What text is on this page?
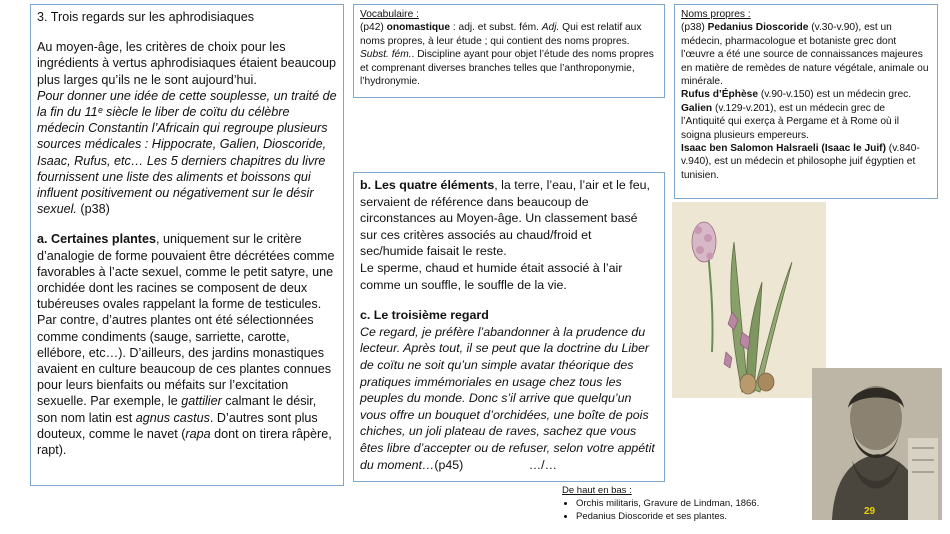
3. Trois regards sur les aphrodisiaques

Au moyen-âge, les critères de choix pour les ingrédients à vertus aphrodisiaques étaient beaucoup plus larges qu’ils ne le sont aujourd’hui.

Pour donner une idée de cette souplesse, un traité de la fin du 11ᵉ siècle le liber de coïtu du célèbre médecin Constantin l’Africain qui regroupe plusieurs sources médicales : Hippocrate, Galien, Dioscoride, Isaac, Rufus, etc… Les 5 derniers chapitres du livre fournissent une liste des aliments et boissons qui influent positivement ou négativement sur le désir sexuel. (p38)

a. Certaines plantes, uniquement sur le critère d’analogie de forme pouvaient être décrétées comme favorables à l’acte sexuel, comme le petit satyre, une orchidée dont les racines se composent de deux tubéreuses ovales rappelant la forme de testicules. Par contre, d’autres plantes ont été sélectionnées comme condiments (sauge, sarriette, carotte, ellébore, etc…). D’ailleurs, des jardins monastiques avaient en culture beaucoup de ces plantes connues pour leurs bienfaits ou méfaits sur l’excitation sexuelle. Par exemple, le gattilier calmant le désir, son nom latin est agnus castus. D’autres sont plus douteux, comme le navet (rapa dont on tirera râpère, rapt).

Vocabulaire :

(p42) onomastique : adj. et subst. fém. Adj. Qui est relatif aux noms propres, à leur étude ; qui contient des noms propres. Subst. fém.. Discipline ayant pour objet l’étude des noms propres et comprenant diverses branches telles que l’anthroponymie, l’hydronymie.

Noms propres :

(p38) Pedanius Dioscoride (v.30-v.90), est un médecin, pharmacologue et botaniste grec dont l’œuvre a été une source de connaissances majeures en matière de remèdes de nature végétale, animale ou minérale.

Rufus d’Éphèse (v.90-v.150) est un médecin grec.

Galien (v.129-v.201), est un médecin grec de l’Antiquité qui exerça à Pergame et à Rome où il soigna plusieurs empereurs.

Isaac ben Salomon Halsraeli (Isaac le Juif) (v.840-v.940), est un médecin et philosophe juif égyptien et tunisien.

b. Les quatre éléments, la terre, l’eau, l’air et le feu, servaient de référence dans beaucoup de circonstances au Moyen-âge. Un classement basé sur ces critères associés au chaud/froid et sec/humide faisait le reste.

Le sperme, chaud et humide était associé à l’air comme un souffle, le souffle de la vie.

c. Le troisième regard

Ce regard, je préfère l’abandonner à la prudence du lecteur. Après tout, il se peut que la doctrine du Liber de coïtu ne soit qu’un simple avatar théorique des pratiques immémoriales en usage chez tous les peuples du monde. Donc s’il arrive que quelqu’un vous offre un bouquet d’orchidées, une boîte de pois chiches, un joli plateau de raves, sachez que vous êtes libre d’accepter ou de refuser, selon votre appétit du moment…(p45)	…/…

29
De haut en bas :
• Orchis militaris, Gravure de Lindman, 1866.
• Pedanius Dioscoride et ses plantes.
